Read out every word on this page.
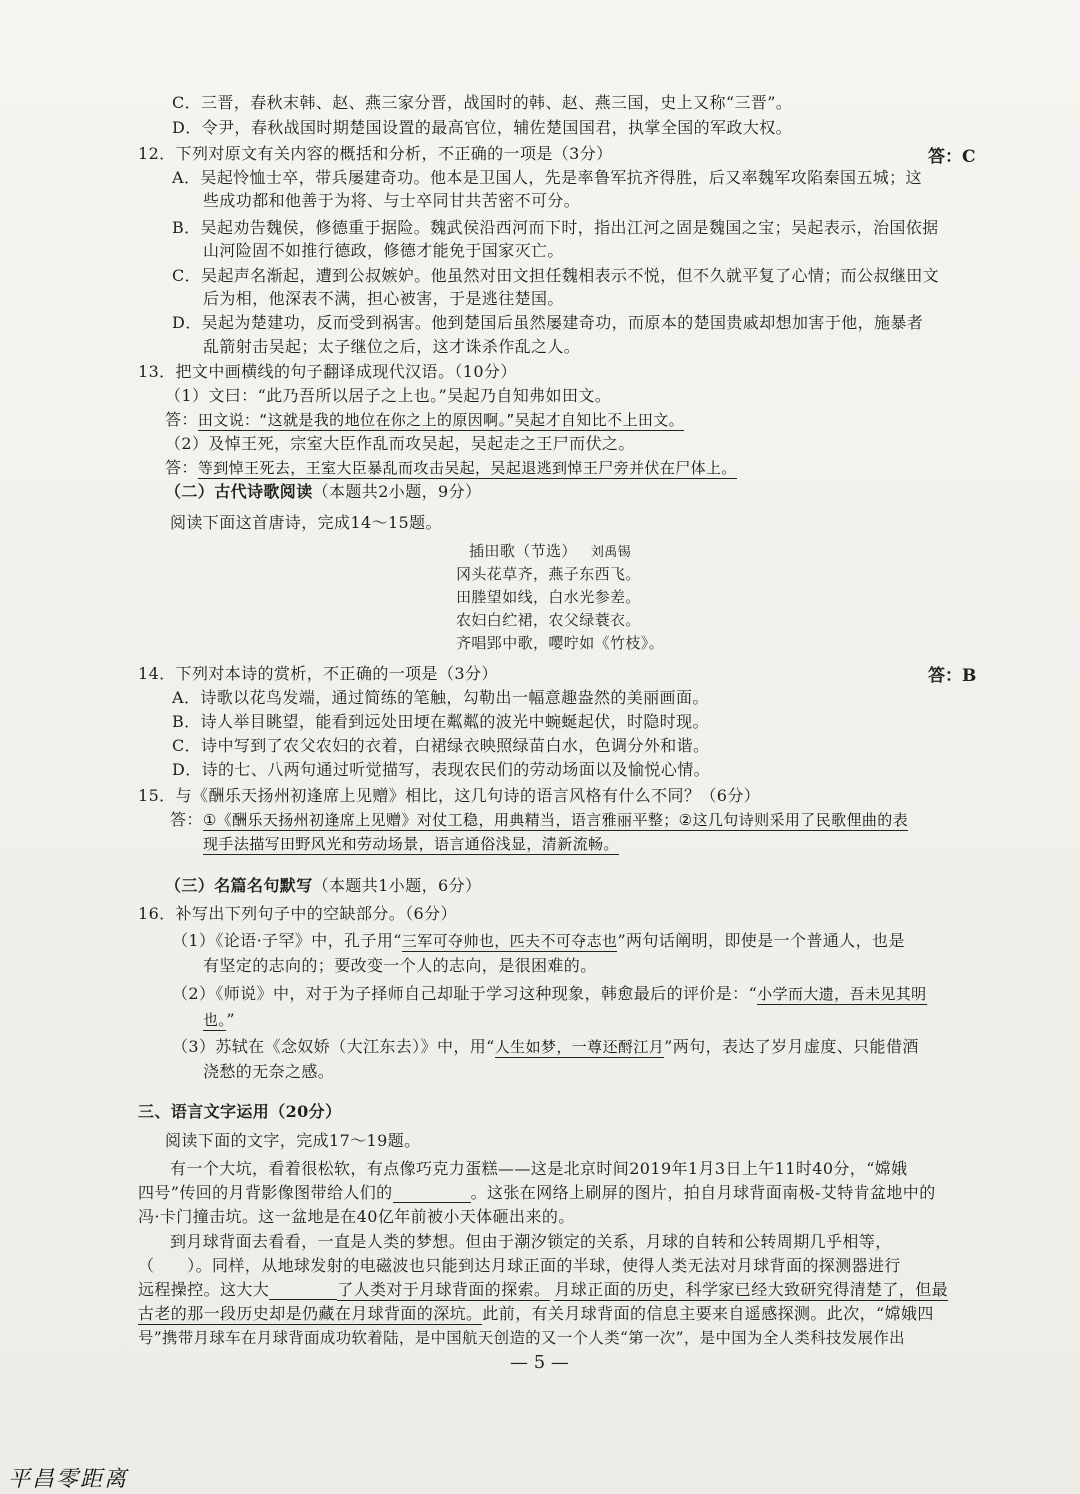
C．三晋，春秋末韩、赵、燕三家分晋，战国时的韩、赵、燕三国，史上又称“三晋”。
D．令尹，春秋战国时期楚国设置的最高官位，辅佐楚国国君，执掌全国的军政大权。
12．下列对原文有关内容的概括和分析，不正确的一项是（3分）	答：C
A．吴起怜恤士卒，带兵屡建奇功。他本是卫国人，先是率鲁军抗齐得胜，后又率魏军攻陷秦国五城；这
些成功都和他善于为将、与士卒同甘共苦密不可分。
B．吴起劝告魏侯，修德重于据险。魏武侯沿西河而下时，指出江河之固是魏国之宝；吴起表示，治国依据
山河险固不如推行德政，修德才能免于国家灭亡。
C．吴起声名渐起，遭到公叔嫉妒。他虽然对田文担任魏相表示不悦，但不久就平复了心情；而公叔继田文
后为相，他深表不满，担心被害，于是逃往楚国。
D．吴起为楚建功，反而受到祸害。他到楚国后虽然屡建奇功，而原本的楚国贵戚却想加害于他，施暴者
乱箭射击吴起；太子继位之后，这才诛杀作乱之人。
13．把文中画横线的句子翻译成现代汉语。（10分）
（1）文曰：“此乃吾所以居子之上也。”吴起乃自知弗如田文。
答：田文说：“这就是我的地位在你之上的原因啊。”吴起才自知比不上田文。
（2）及悼王死，宗室大臣作乱而攻吴起，吴起走之王尸而伏之。
答：等到悼王死去，王室大臣暴乱而攻击吴起，吴起退逃到悼王尸旁并伏在尸体上。
（二）古代诗歌阅读（本题共2小题，9分）
阅读下面这首唐诗，完成14～15题。
插田歌（节选） 刘禹锡
冈头花草齐，燕子东西飞。
田塍望如线，白水光参差。
农妇白纻裙，农父绿蓑衣。
齐唱郢中歌，嘤咛如《竹枝》。
14．下列对本诗的赏析，不正确的一项是（3分）	答：B
A．诗歌以花鸟发端，通过简练的笔触，勾勒出一幅意趣盎然的美丽画面。
B．诗人举目眺望，能看到远处田埂在粼粼的波光中蜿蜒起伏，时隐时现。
C．诗中写到了农父农妇的衣着，白裙绿衣映照绿苗白水，色调分外和谐。
D．诗的七、八两句通过听觉描写，表现农民们的劳动场面以及愉悦心情。
15．与《酬乐天扬州初逢席上见赠》相比，这几句诗的语言风格有什么不同？（6分）
答：①《酬乐天扬州初逢席上见赠》对仗工稳，用典精当，语言雅丽平整；②这几句诗则采用了民歌俚曲的表
现手法描写田野风光和劳动场景，语言通俗浅显，清新流畅。
（三）名篇名句默写（本题共1小题，6分）
16．补写出下列句子中的空缺部分。（6分）
（1）《论语·子罕》中，孔子用“三军可夺帅也，匹夫不可夺志也”两句话阐明，即使是一个普通人，也是
有坚定的志向的；要改变一个人的志向，是很困难的。
（2）《师说》中，对于为子择师自己却耻于学习这种现象，韩愈最后的评价是：“小学而大遗，吾未见其明
也。”
（3）苏轼在《念奴娇（大江东去）》中，用“人生如梦，一尊还酹江月”两句，表达了岁月虚度、只能借酒
浇愁的无奈之感。
三、语言文字运用（20分）
阅读下面的文字，完成17～19题。
有一个大坑，看着很松软，有点像巧克力蛋糕——这是北京时间2019年1月3日上午11时40分，“嫦娥
四号”传回的月背影像图带给人们的	。这张在网络上刷屏的图片，拍自月球背面南极-艾特肯盆地中的
冯·卡门撞击坑。这一盆地是在40亿年前被小天体砸出来的。
到月球背面去看看，一直是人类的梦想。但由于潮汐锁定的关系，月球的自转和公转周期几乎相等，
（　　）。同样，从地球发射的电磁波也只能到达月球正面的半球，使得人类无法对月球背面的探测器进行
远程操控。这大大	了人类对于月球背面的探索。 月球正面的历史，科学家已经大致研究得清楚了，但最
古老的那一段历史却是仍藏在月球背面的深坑。此前，有关月球背面的信息主要来自遥感探测。此次，“嫦娥四
号”携带月球车在月球背面成功软着陆，是中国航天创造的又一个人类“第一次”，是中国为全人类科技发展作出
— 5 —
平昌零距离
